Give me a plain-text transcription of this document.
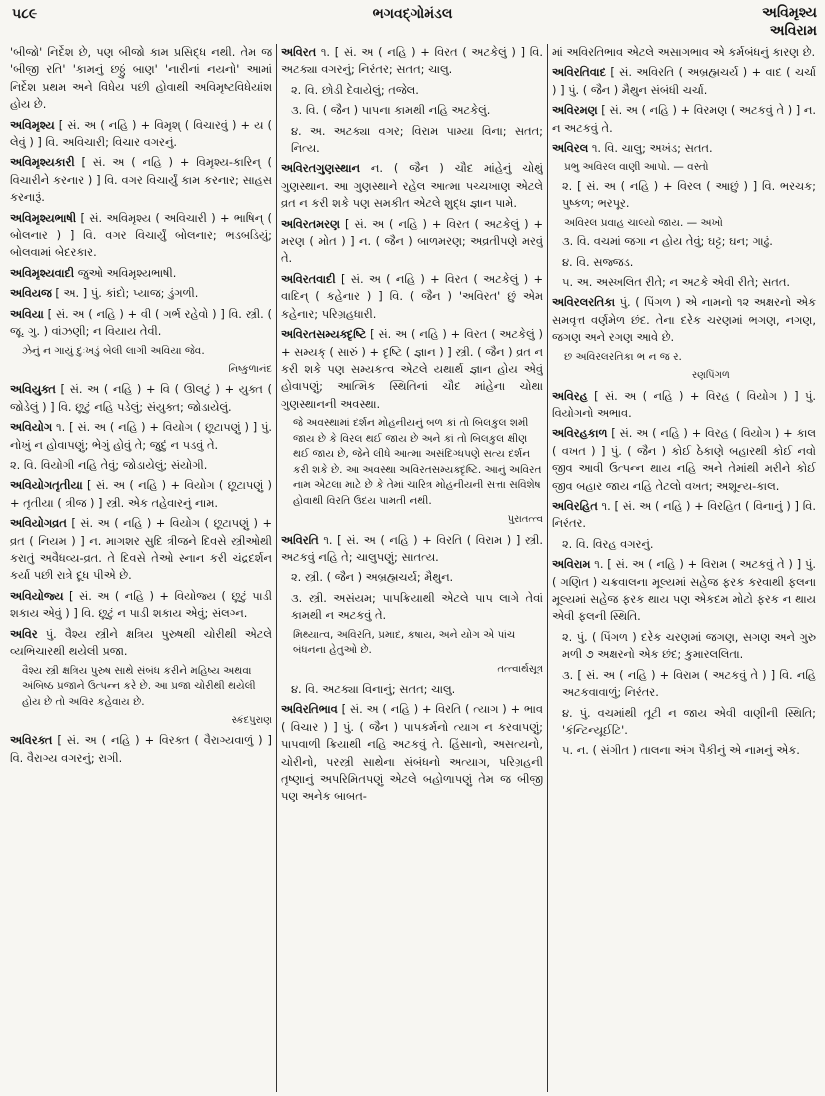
૫૮૯	ભગવદ્ગોમંડલ	અવિમૃશ્ય
અવિરામ
'બીજો' નિર્દેશ છે, પણ બીજો કામ પ્રસિદ્ધ નથી. તેમ જ 'બીજી રતિ' 'કામનું છઠ્ઠું બાણ' 'નારીનાં નયનો' આમાં નિર્દેશ પ્રથમ અને વિધેય પછી હોવાથી અવિમૃષ્ટવિધેયાંશ હોય છે.
અવિમૃશ્ય [ સં. અ ( નહિ ) + વિમૃશ્ ( વિચારવું ) + ય ( લેવું ) ] વિ. અવિચારી; વિચાર વગરનું.
અવિમૃશ્યકારી [ સં. અ ( નહિ ) + વિમૃશ્ય-કારિન્ ( વિચારીને કરનાર ) ] વિ. વગર વિચાર્યું કામ કરનાર; સાહસ કરનારૂં.
અવિમૃશ્યભાષી [ સં. અવિમૃશ્ય ( અવિચારી ) + ભાષિન્ ( બોલનાર ) ] વિ. વગર વિચાર્યું બોલનાર; ભડબડિયું; બોલવામાં બેદરકાર.
અવિમૃશ્યવાદી જુઓ અવિમૃશ્યભાષી.
અવિયજ [ અ. ] પું. કાંદો; પ્યાજ; ડુંગળી.
અવિયા [ સં. અ ( નહિ ) + વી ( ગર્ભ રહેવો ) ] વિ. સ્ત્રી. ( જૂ. ગુ. ) વાંઝણી; ન વિયાય તેવી.
ઝેનું ન ગાયું દુઃખડું બેલી લાગી અવિયા જેવ.
નિષ્કુળાનંદ
અવિયુક્ત [ સં. અ ( નહિ ) + વિ ( ઊલટું ) + યુક્ત ( જોડેલું ) ] વિ. છૂટું નહિ પડેલું; સંયુક્ત; જોડાયેલું.
અવિયોગ ૧. [ સં. અ ( નહિ ) + વિયોગ ( છૂટાપણું ) ] પું. નોખું ન હોવાપણું; ભેગું હોવું તે; જુદું ન પડવું તે.
૨. વિ. વિયોગી નહિ તેવું; જોડાયેલું; સંયોગી.
અવિયોગતૃતીયા [ સં. અ ( નહિ ) + વિયોગ ( છૂટાપણું ) + તૃતીયા ( ત્રીજ ) ] સ્ત્રી. એક તહેવારનું નામ.
અવિયોગવ્રત [ સં. અ ( નહિ ) + વિયોગ ( છૂટાપણું ) + વ્રત ( નિયમ ) ] ન. માગશર સુદિ ત્રીજને દિવસે સ્ત્રીઓથી કરાતું અવૈધવ્ય-વ્રત. તે દિવસે તેઓ સ્નાન કરી ચંદ્રદર્શન કર્યા પછી રાત્રે દૂધ પીએ છે.
અવિયોજ્ય [ સં. અ ( નહિ ) + વિયોજ્ય ( છૂટું પાડી શકાય એવું ) ] વિ. છૂટું ન પાડી શકાય એવું; સંલગ્ન.
અવિર પું. વૈશ્ય સ્ત્રીને ક્ષત્રિય પુરુષથી ચોરીથી એટલે વ્યભિચારથી થયેલી પ્રજા.
વૈશ્ય સ્ત્રી ક્ષત્રિય પુરુષ સાથે સંબંધ કરીને મહિષ્ય અથવા અંબિષ્ઠ પ્રજાને ઉત્પન્ન કરે છે. આ પ્રજા ચોરીથી થયેલી હોય છે તો અવિર કહેવાય છે.
સ્કંદપુરાણ
અવિરક્ત [ સં. અ ( નહિ ) + વિરક્ત ( વૈરાગ્યવાળું ) ] વિ. વૈરાગ્ય વગરનું; રાગી.
અવિરત ૧. [ સં. અ ( નહિ ) + વિરત ( અટકેલું ) ] વિ. અટક્યા વગરનું; નિરંતર; સતત; ચાલુ.
૨. વિ. છોડી દેવાયેલું; તજેલ.
૩. વિ. ( જૈન ) પાપના કામથી નહિ અટકેલું.
૪. અ. અટક્યા વગર; વિરામ પામ્યા વિના; સતત; નિત્ય.
અવિરતગુણસ્થાન ન. ( જૈન ) ચૌદ માંહેનું ચોથું ગુણસ્થાન. આ ગુણસ્થાને રહેલ આત્મા પચ્ચખાણ એટલે વ્રત ન કરી શકે પણ સમકીત એટલે શુદ્ધ જ્ઞાન પામે.
અવિરતમરણ [ સં. અ ( નહિ ) + વિરત ( અટકેલું ) + મરણ ( મોત ) ] ન. ( જૈન ) બાળમરણ; અવ્રતીપણે મરવું તે.
અવિરતવાદી [ સં. અ ( નહિ ) + વિરત ( અટકેલું ) + વાદિન્ ( કહેનાર ) ] વિ. ( જૈન ) 'અવિરત' છું એમ કહેનાર; પરિગ્રહધારી.
અવિરતસમ્યક્દૃષ્ટિ [ સં. અ ( નહિ ) + વિરત ( અટકેલું ) + સમ્યક્ ( સારું ) + દૃષ્ટિ ( જ્ઞાન ) ] સ્ત્રી. ( જૈન ) વ્રત ન કરી શકે પણ સમ્યકત્વ એટલે યથાર્થ જ્ઞાન હોય એવું હોવાપણું; આત્મિક સ્થિતિનાં ચૌદ માંહેના ચોથા ગુણસ્થાનની અવસ્થા.
જે અવસ્થામાં દર્શન મોહનીયનું બળ કાં તો બિલકુલ શમી જાય છે કે વિરલ થઈ જાય છે અને કાં તો બિલકુલ ક્ષીણ થઈ જાય છે, જેને લીધે આત્મા અસંદિગ્ધપણે સત્ય દર્શન કરી શકે છે. આ અવસ્થા અવિરતસમ્યક્દૃષ્ટિ. આનું અવિરત નામ એટલા માટે છે કે તેમાં ચારિત્ર મોહનીયની સત્તા સવિશેષ હોવાથી વિરતિ ઉદય પામતી નથી.
પુરાતત્ત્વ
અવિરતિ ૧. [ સં. અ ( નહિ ) + વિરતિ ( વિરામ ) ] સ્ત્રી. અટકવું નહિ તે; ચાલુપણું; સાતત્ય.
૨. સ્ત્રી. ( જૈન ) અબ્રહ્મચર્ય; મૈથુન.
૩. સ્ત્રી. અસંયમ; પાપક્રિયાથી એટલે પાપ લાગે તેવાં કામથી ન અટકવું તે.
મિથ્યાત્વ, અવિરતિ, પ્રમાદ, કષાય, અને યોગ એ પાંચ બંધનના હેતુઓ છે.
તત્ત્વાર્થસૂત્ર
૪. વિ. અટક્યા વિનાનું; સતત; ચાલુ.
અવિરતિભાવ [ સં. અ ( નહિ ) + વિરતિ ( ત્યાગ ) + ભાવ ( વિચાર ) ] પું. ( જૈન ) પાપકર્મનો ત્યાગ ન કરવાપણું; પાપવાળી ક્રિયાથી નહિ અટકવું તે. હિંસાનો, અસત્યનો, ચોરીનો, પરસ્ત્રી સાથેના સંબંધનો અત્યાગ, પરિગ્રહની તૃષ્ણાનું અપરિમિતપણું એટલે બહોળાપણું તેમ જ બીજી પણ અનેક બાબત-
માં અવિરતિભાવ એટલે અસાગભાવ એ કર્મબંધનું કારણ છે.
અવિરતિવાદ [ સં. અવિરતિ ( અબ્રહ્મચર્ય ) + વાદ ( ચર્ચા ) ] પું. ( જૈન ) મૈથુન સંબંધી ચર્ચા.
અવિરમણ [ સં. અ ( નહિ ) + વિરમણ ( અટકવું તે ) ] ન. ન અટકવું તે.
અવિરલ ૧. વિ. ચાલુ; અખંડ; સતત.
પ્રભુ અવિરલ વાણી આપો. — વસ્તો
૨. [ સં. અ ( નહિ ) + વિરલ ( આછું ) ] વિ. ભરચક; પુષ્કળ; ભરપૂર.
અવિરલ પ્રવાહ ચાલ્યો જાય. — અખો
૩. વિ. વચમાં જગા ન હોય તેવું; ઘટ્ટ; ઘન; ગાઢું.
૪. વિ. સજ્જડ.
૫. અ. અસ્ખલિત રીતે; ન અટકે એવી રીતે; સતત.
અવિરલરતિકા પું. ( પિંગળ ) એ નામનો ૧૨ અક્ષરનો એક સમવૃત્ત વર્ણમેળ છંદ. તેના દરેક ચરણમાં ભગણ, નગણ, જગણ અને રગણ આવે છે.
છ અવિરલરતિકા ભ ન જ ર.
રણપિંગળ
અવિરહ [ સં. અ ( નહિ ) + વિરહ ( વિયોગ ) ] પું. વિયોગનો અભાવ.
અવિરહકાળ [ સં. અ ( નહિ ) + વિરહ ( વિયોગ ) + કાલ ( વખત ) ] પું. ( જૈન ) કોઈ ઠેકાણે બહારથી કોઈ નવો જીવ આવી ઉત્પન્ન થાય નહિ અને તેમાંથી મરીને કોઈ જીવ બહાર જાય નહિ તેટલો વખત; અશૂન્ય-કાલ.
અવિરહિત ૧. [ સં. અ ( નહિ ) + વિરહિત ( વિનાનું ) ] વિ. નિરંતર.
૨. વિ. વિરહ વગરનું.
અવિરામ ૧. [ સં. અ ( નહિ ) + વિરામ ( અટકવું તે ) ] પું. ( ગણિત ) ચક્રવાલના મૂલ્યમાં સહેજ ફરક કરવાથી ફલના મૂલ્યમાં સહેજ ફરક થાય પણ એકદમ મોટો ફરક ન થાય એવી ફલની સ્થિતિ.
૨. પું. ( પિંગળ ) દરેક ચરણમાં જગણ, સગણ અને ગુરુ મળી ૭ અક્ષરનો એક છંદ; કુમારલલિતા.
૩. [ સં. અ ( નહિ ) + વિરામ ( અટકવું તે ) ] વિ. નહિ અટકવાવાળું; નિરંતર.
૪. પું. વચમાંથી તૂટી ન જાય એવી વાણીની સ્થિતિ; 'કંન્ટિન્યૂઈટિ'.
૫. ન. ( સંગીત ) તાલના અંગ પૈકીનું એ નામનું એક.
